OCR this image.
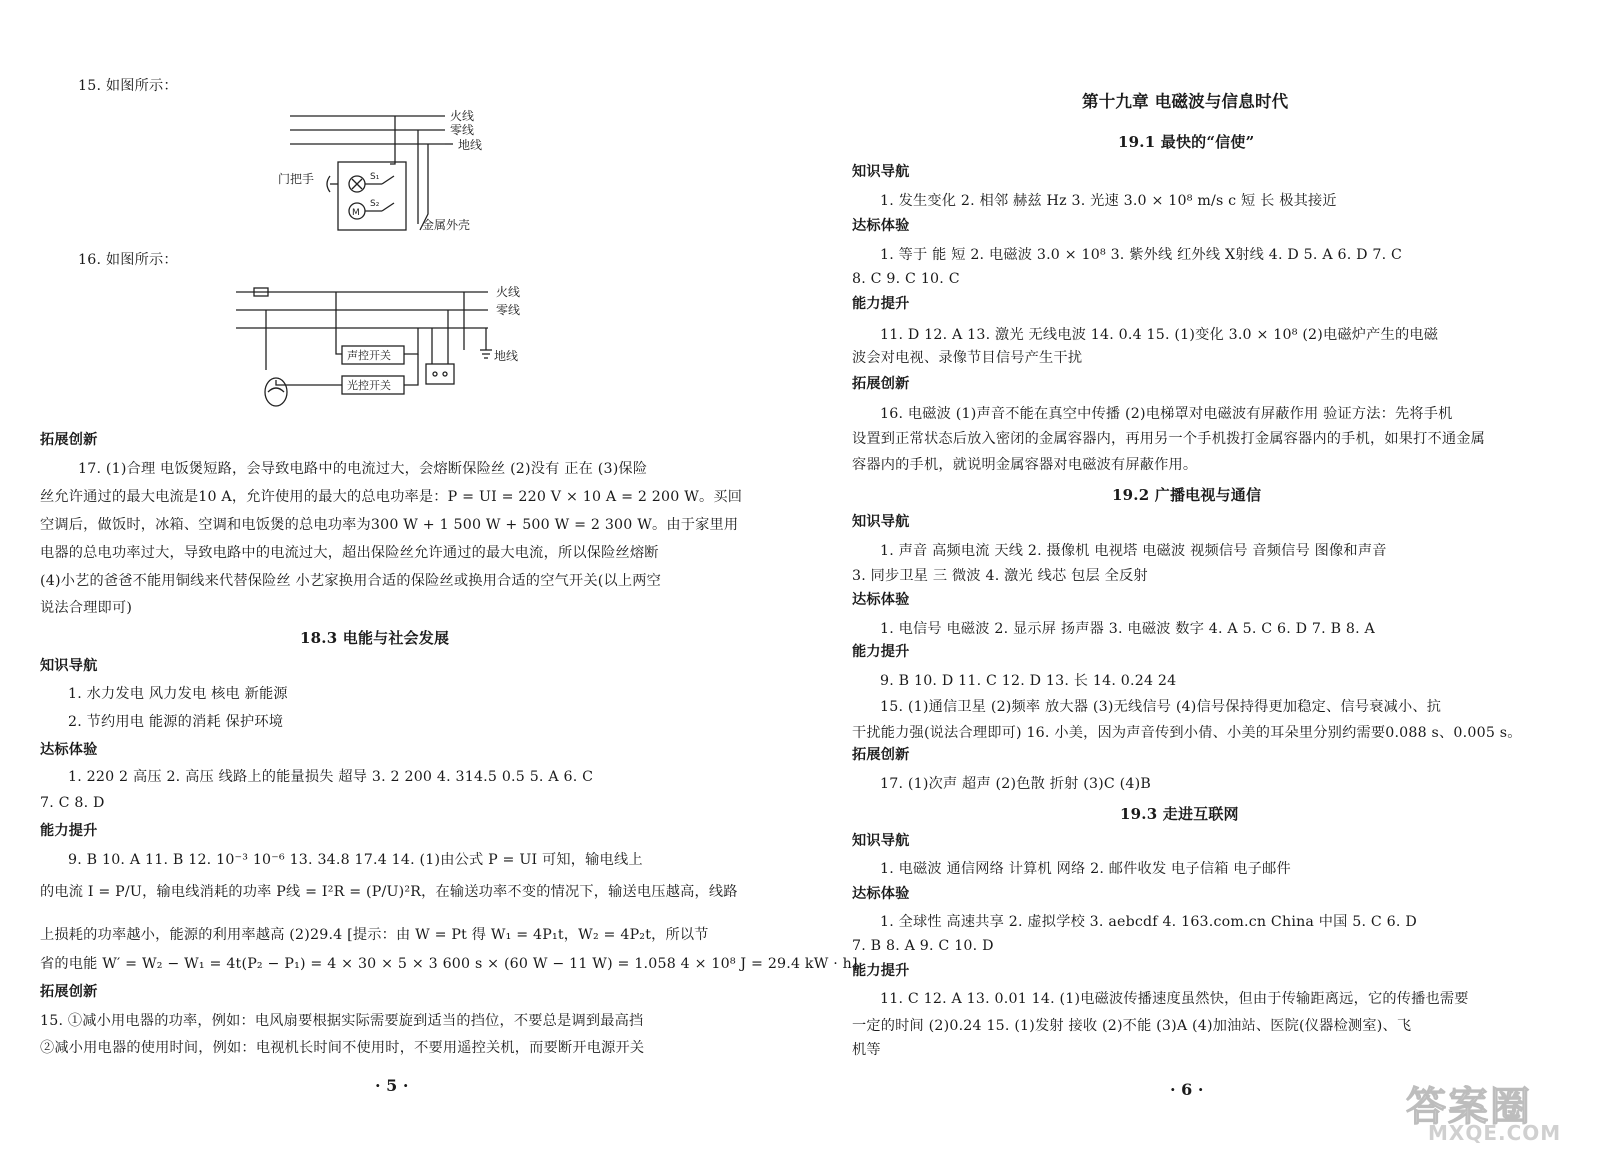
15. 如图所示：
M
S₁
S₂
火线
零线
地线
门把手
金属外壳
16. 如图所示：
火线
零线
地线
声控开关
光控开关
拓展创新
17. (1)合理 电饭煲短路，会导致电路中的电流过大，会熔断保险丝 (2)没有 正在 (3)保险
丝允许通过的最大电流是10 A，允许使用的最大的总电功率是：P = UI = 220 V × 10 A = 2 200 W。买回
空调后，做饭时，冰箱、空调和电饭煲的总电功率为300 W + 1 500 W + 500 W = 2 300 W。由于家里用
电器的总电功率过大，导致电路中的电流过大，超出保险丝允许通过的最大电流，所以保险丝熔断
(4)小艺的爸爸不能用铜线来代替保险丝 小艺家换用合适的保险丝或换用合适的空气开关(以上两空
说法合理即可)
18.3 电能与社会发展
知识导航
1. 水力发电 风力发电 核电 新能源
2. 节约用电 能源的消耗 保护环境
达标体验
1. 220 2 高压 2. 高压 线路上的能量损失 超导 3. 2 200 4. 314.5 0.5 5. A 6. C
7. C 8. D
能力提升
9. B 10. A 11. B 12. 10⁻³ 10⁻⁶ 13. 34.8 17.4 14. (1)由公式 P = UI 可知，输电线上
的电流 I = P/U，输电线消耗的功率 P线 = I²R = (P/U)²R，在输送功率不变的情况下，输送电压越高，线路
上损耗的功率越小，能源的利用率越高 (2)29.4 [提示：由 W = Pt 得 W₁ = 4P₁t，W₂ = 4P₂t，所以节
省的电能 W′ = W₂ − W₁ = 4t(P₂ − P₁) = 4 × 30 × 5 × 3 600 s × (60 W − 11 W) = 1.058 4 × 10⁸ J = 29.4 kW · h]
拓展创新
15. ①减小用电器的功率，例如：电风扇要根据实际需要旋到适当的挡位，不要总是调到最高挡
②减小用电器的使用时间，例如：电视机长时间不使用时，不要用遥控关机，而要断开电源开关
· 5 ·
第十九章 电磁波与信息时代
19.1 最快的“信使”
知识导航
1. 发生变化 2. 相邻 赫兹 Hz 3. 光速 3.0 × 10⁸ m/s c 短 长 极其接近
达标体验
1. 等于 能 短 2. 电磁波 3.0 × 10⁸ 3. 紫外线 红外线 X射线 4. D 5. A 6. D 7. C
8. C 9. C 10. C
能力提升
11. D 12. A 13. 激光 无线电波 14. 0.4 15. (1)变化 3.0 × 10⁸ (2)电磁炉产生的电磁
波会对电视、录像节目信号产生干扰
拓展创新
16. 电磁波 (1)声音不能在真空中传播 (2)电梯罩对电磁波有屏蔽作用 验证方法：先将手机
设置到正常状态后放入密闭的金属容器内，再用另一个手机拨打金属容器内的手机，如果打不通金属
容器内的手机，就说明金属容器对电磁波有屏蔽作用。
19.2 广播电视与通信
知识导航
1. 声音 高频电流 天线 2. 摄像机 电视塔 电磁波 视频信号 音频信号 图像和声音
3. 同步卫星 三 微波 4. 激光 线芯 包层 全反射
达标体验
1. 电信号 电磁波 2. 显示屏 扬声器 3. 电磁波 数字 4. A 5. C 6. D 7. B 8. A
能力提升
9. B 10. D 11. C 12. D 13. 长 14. 0.24 24
15. (1)通信卫星 (2)频率 放大器 (3)无线信号 (4)信号保持得更加稳定、信号衰减小、抗
干扰能力强(说法合理即可) 16. 小美，因为声音传到小倩、小美的耳朵里分别约需要0.088 s、0.005 s。
拓展创新
17. (1)次声 超声 (2)色散 折射 (3)C (4)B
19.3 走进互联网
知识导航
1. 电磁波 通信网络 计算机 网络 2. 邮件收发 电子信箱 电子邮件
达标体验
1. 全球性 高速共享 2. 虚拟学校 3. aebcdf 4. 163.com.cn China 中国 5. C 6. D
7. B 8. A 9. C 10. D
能力提升
11. C 12. A 13. 0.01 14. (1)电磁波传播速度虽然快，但由于传输距离远，它的传播也需要
一定的时间 (2)0.24 15. (1)发射 接收 (2)不能 (3)A (4)加油站、医院(仪器检测室)、飞
机等
· 6 ·	答案圈
MXQE.COM
